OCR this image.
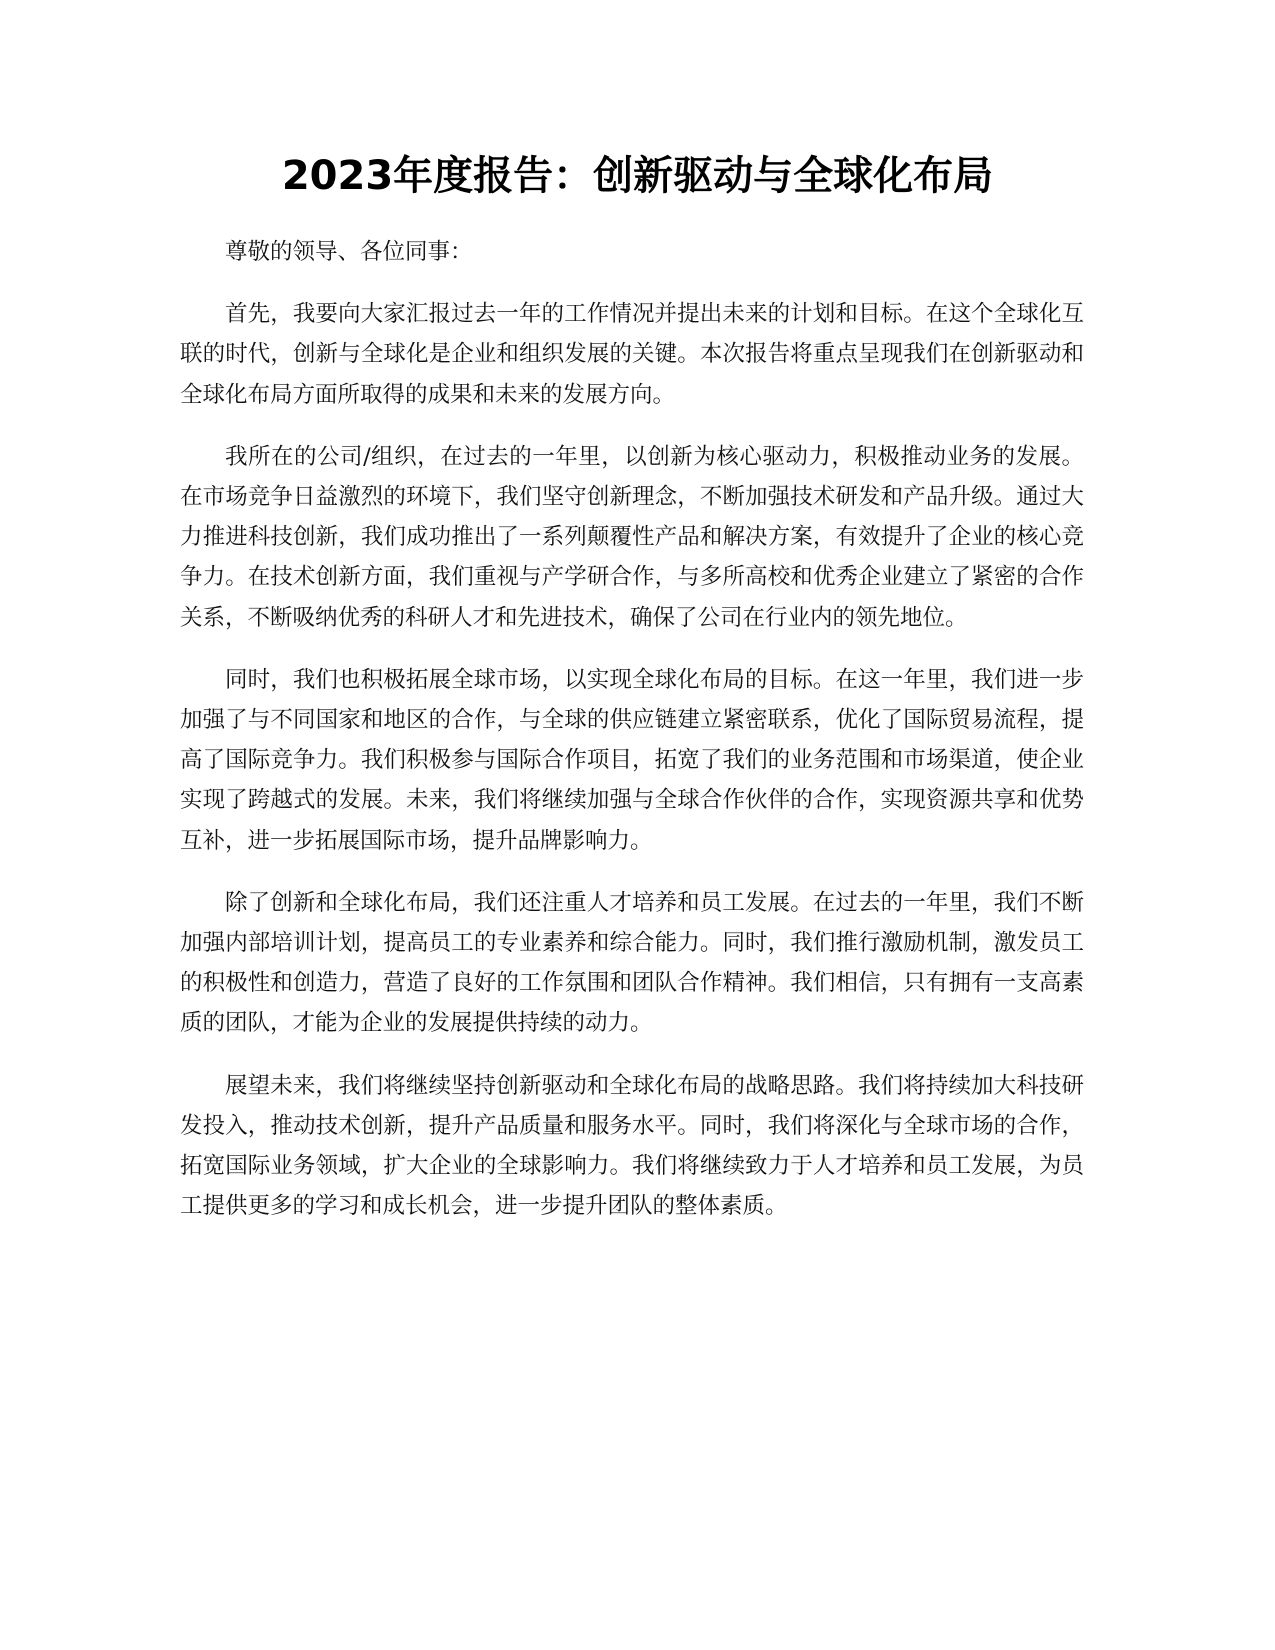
2023年度报告：创新驱动与全球化布局

尊敬的领导、各位同事：

首先，我要向大家汇报过去一年的工作情况并提出未来的计划和目标。在这个全球化互联的时代，创新与全球化是企业和组织发展的关键。本次报告将重点呈现我们在创新驱动和全球化布局方面所取得的成果和未来的发展方向。

我所在的公司/组织，在过去的一年里，以创新为核心驱动力，积极推动业务的发展。在市场竞争日益激烈的环境下，我们坚守创新理念，不断加强技术研发和产品升级。通过大力推进科技创新，我们成功推出了一系列颠覆性产品和解决方案，有效提升了企业的核心竞争力。在技术创新方面，我们重视与产学研合作，与多所高校和优秀企业建立了紧密的合作关系，不断吸纳优秀的科研人才和先进技术，确保了公司在行业内的领先地位。

同时，我们也积极拓展全球市场，以实现全球化布局的目标。在这一年里，我们进一步加强了与不同国家和地区的合作，与全球的供应链建立紧密联系，优化了国际贸易流程，提高了国际竞争力。我们积极参与国际合作项目，拓宽了我们的业务范围和市场渠道，使企业实现了跨越式的发展。未来，我们将继续加强与全球合作伙伴的合作，实现资源共享和优势互补，进一步拓展国际市场，提升品牌影响力。

除了创新和全球化布局，我们还注重人才培养和员工发展。在过去的一年里，我们不断加强内部培训计划，提高员工的专业素养和综合能力。同时，我们推行激励机制，激发员工的积极性和创造力，营造了良好的工作氛围和团队合作精神。我们相信，只有拥有一支高素质的团队，才能为企业的发展提供持续的动力。

展望未来，我们将继续坚持创新驱动和全球化布局的战略思路。我们将持续加大科技研发投入，推动技术创新，提升产品质量和服务水平。同时，我们将深化与全球市场的合作，拓宽国际业务领域，扩大企业的全球影响力。我们将继续致力于人才培养和员工发展，为员工提供更多的学习和成长机会，进一步提升团队的整体素质。
